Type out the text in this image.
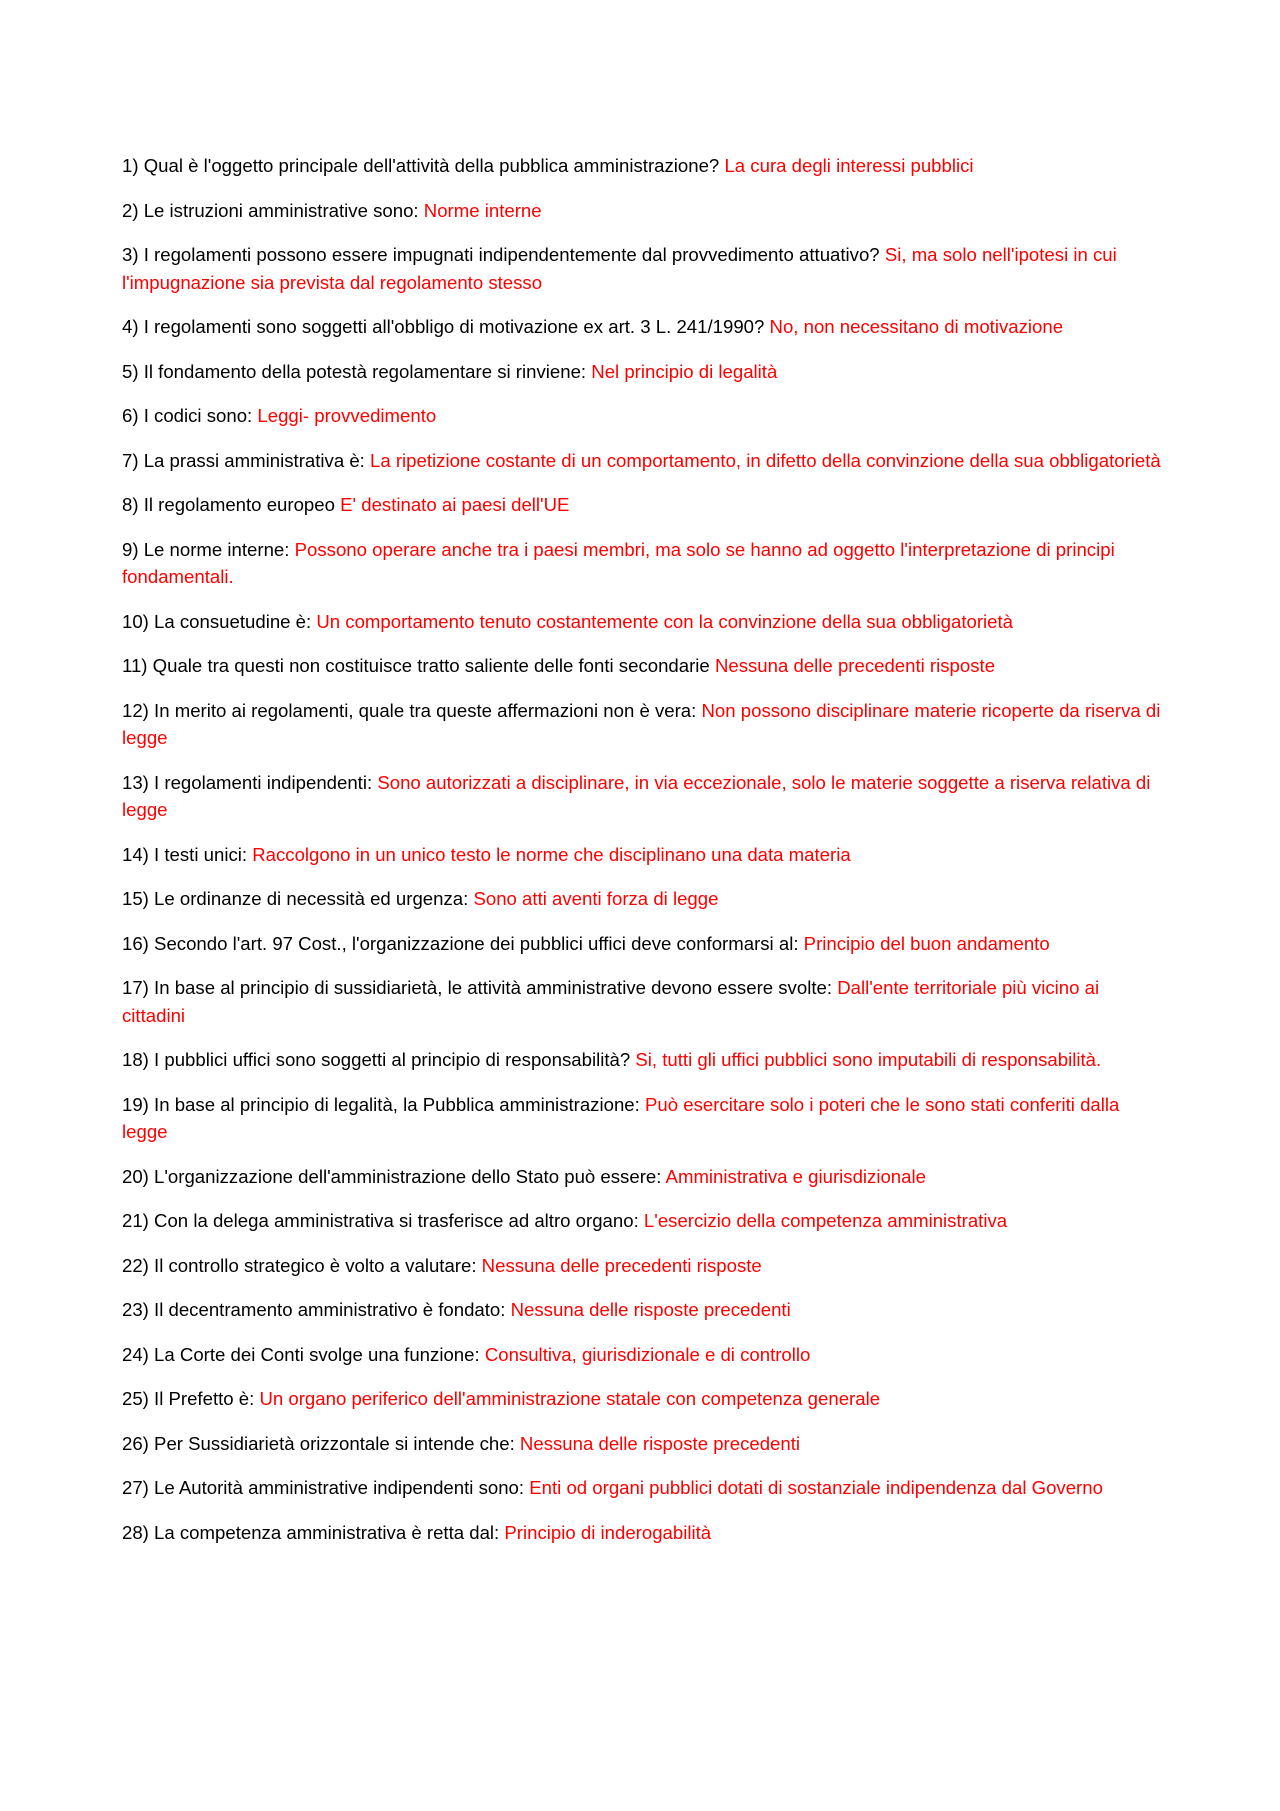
1) Qual è l'oggetto principale dell'attività della pubblica amministrazione? La cura degli interessi pubblici
2) Le istruzioni amministrative sono: Norme interne
3) I regolamenti possono essere impugnati indipendentemente dal provvedimento attuativo? Si, ma solo nell'ipotesi in cui l'impugnazione sia prevista dal regolamento stesso
4) I regolamenti sono soggetti all'obbligo di motivazione ex art. 3 L. 241/1990? No, non necessitano di motivazione
5) Il fondamento della potestà regolamentare si rinviene: Nel principio di legalità
6) I codici sono: Leggi- provvedimento
7) La prassi amministrativa è: La ripetizione costante di un comportamento, in difetto della convinzione della sua obbligatorietà
8) Il regolamento europeo E' destinato ai paesi dell'UE
9) Le norme interne: Possono operare anche tra i paesi membri, ma solo se hanno ad oggetto l'interpretazione di principi fondamentali.
10) La consuetudine è: Un comportamento tenuto costantemente con la convinzione della sua obbligatorietà
11) Quale tra questi non costituisce tratto saliente delle fonti secondarie Nessuna delle precedenti risposte
12) In merito ai regolamenti, quale tra queste affermazioni non è vera: Non possono disciplinare materie ricoperte da riserva di legge
13) I regolamenti indipendenti: Sono autorizzati a disciplinare, in via eccezionale, solo le materie soggette a riserva relativa di legge
14) I testi unici: Raccolgono in un unico testo le norme che disciplinano una data materia
15) Le ordinanze di necessità ed urgenza: Sono atti aventi forza di legge
16) Secondo l'art. 97 Cost., l'organizzazione dei pubblici uffici deve conformarsi al: Principio del buon andamento
17) In base al principio di sussidiarietà, le attività amministrative devono essere svolte: Dall'ente territoriale più vicino ai cittadini
18) I pubblici uffici sono soggetti al principio di responsabilità? Si, tutti gli uffici pubblici sono imputabili di responsabilità.
19) In base al principio di legalità, la Pubblica amministrazione: Può esercitare solo i poteri che le sono stati conferiti dalla legge
20) L'organizzazione dell'amministrazione dello Stato può essere: Amministrativa e giurisdizionale
21) Con la delega amministrativa si trasferisce ad altro organo: L'esercizio della competenza amministrativa
22) Il controllo strategico è volto a valutare: Nessuna delle precedenti risposte
23) Il decentramento amministrativo è fondato: Nessuna delle risposte precedenti
24) La Corte dei Conti svolge una funzione: Consultiva, giurisdizionale e di controllo
25) Il Prefetto è: Un organo periferico dell'amministrazione statale con competenza generale
26) Per Sussidiarietà orizzontale si intende che: Nessuna delle risposte precedenti
27) Le Autorità amministrative indipendenti sono: Enti od organi pubblici dotati di sostanziale indipendenza dal Governo
28) La competenza amministrativa è retta dal: Principio di inderogabilità
